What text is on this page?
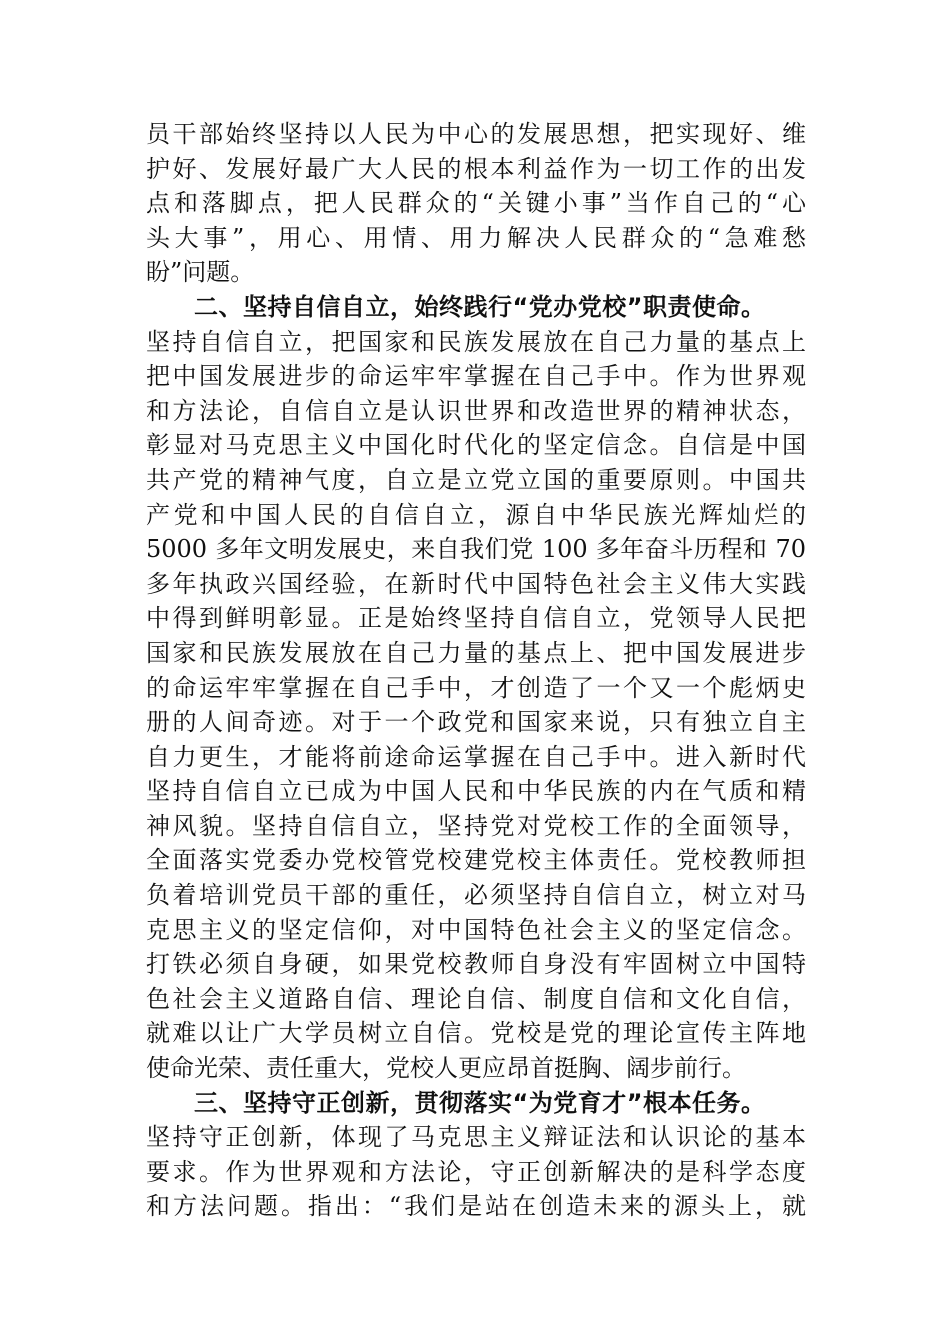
员干部始终坚持以人民为中心的发展思想，把实现好、维
护好、发展好最广大人民的根本利益作为一切工作的出发
点和落脚点，把人民群众的“关键小事”当作自己的“心
头大事”，用心、用情、用力解决人民群众的“急难愁
盼”问题。
二、坚持自信自立，始终践行“党办党校”职责使命。
坚持自信自立，把国家和民族发展放在自己力量的基点上
把中国发展进步的命运牢牢掌握在自己手中。作为世界观
和方法论，自信自立是认识世界和改造世界的精神状态，
彰显对马克思主义中国化时代化的坚定信念。自信是中国
共产党的精神气度，自立是立党立国的重要原则。中国共
产党和中国人民的自信自立，源自中华民族光辉灿烂的
5000 多年文明发展史，来自我们党 100 多年奋斗历程和 70
多年执政兴国经验，在新时代中国特色社会主义伟大实践
中得到鲜明彰显。正是始终坚持自信自立，党领导人民把
国家和民族发展放在自己力量的基点上、把中国发展进步
的命运牢牢掌握在自己手中，才创造了一个又一个彪炳史
册的人间奇迹。对于一个政党和国家来说，只有独立自主
自力更生，才能将前途命运掌握在自己手中。进入新时代
坚持自信自立已成为中国人民和中华民族的内在气质和精
神风貌。坚持自信自立，坚持党对党校工作的全面领导，
全面落实党委办党校管党校建党校主体责任。党校教师担
负着培训党员干部的重任，必须坚持自信自立，树立对马
克思主义的坚定信仰，对中国特色社会主义的坚定信念。
打铁必须自身硬，如果党校教师自身没有牢固树立中国特
色社会主义道路自信、理论自信、制度自信和文化自信，
就难以让广大学员树立自信。党校是党的理论宣传主阵地
使命光荣、责任重大，党校人更应昂首挺胸、阔步前行。
三、坚持守正创新，贯彻落实“为党育才”根本任务。
坚持守正创新，体现了马克思主义辩证法和认识论的基本
要求。作为世界观和方法论，守正创新解决的是科学态度
和方法问题。指出：“我们是站在创造未来的源头上，就
